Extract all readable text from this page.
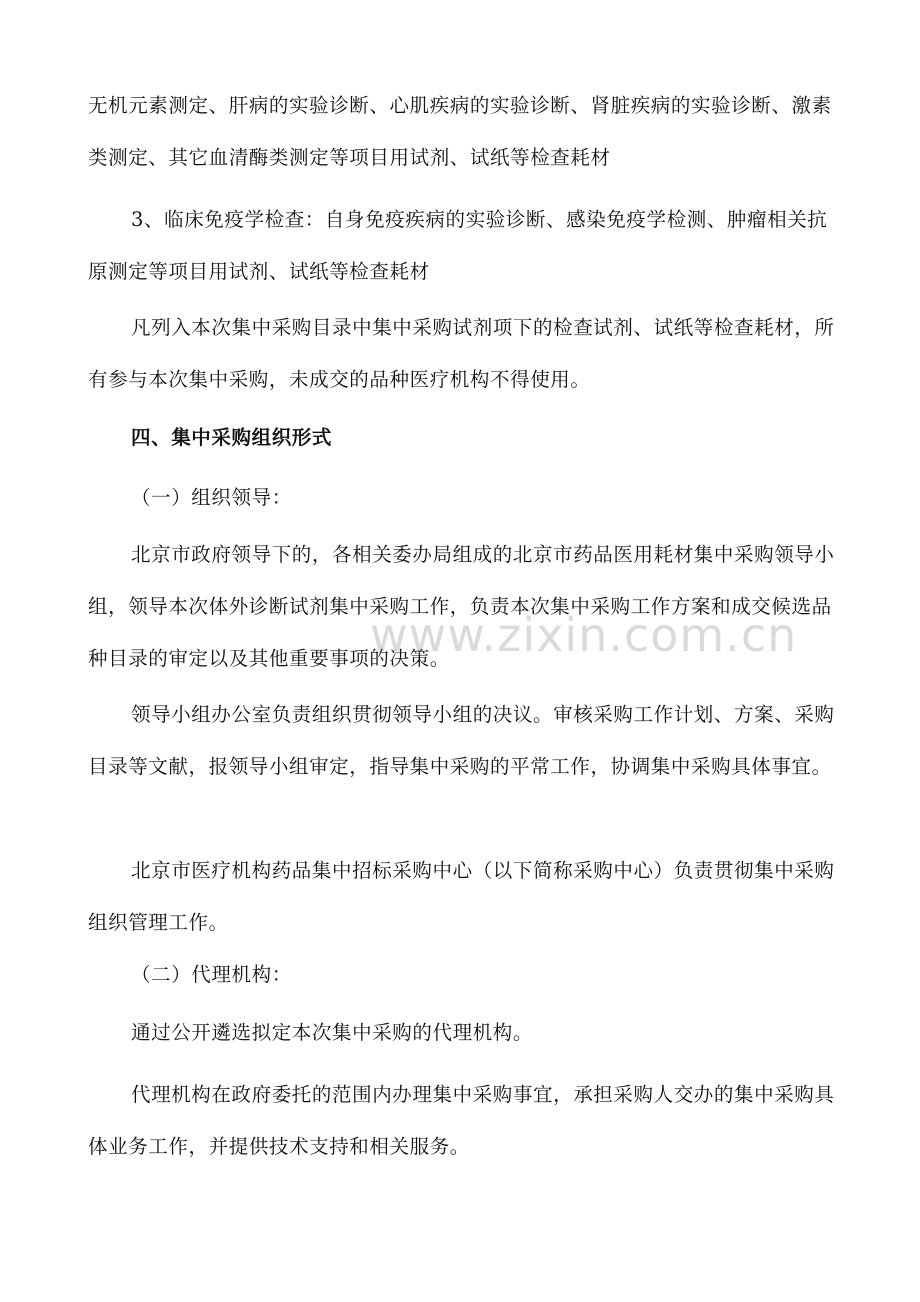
无机元素测定、肝病的实验诊断、心肌疾病的实验诊断、肾脏疾病的实验诊断、激素类测定、其它血清酶类测定等项目用试剂、试纸等检查耗材

3、临床免疫学检查：自身免疫疾病的实验诊断、感染免疫学检测、肿瘤相关抗原测定等项目用试剂、试纸等检查耗材

凡列入本次集中采购目录中集中采购试剂项下的检查试剂、试纸等检查耗材，所有参与本次集中采购，未成交的品种医疗机构不得使用。

四、集中采购组织形式

（一）组织领导：

北京市政府领导下的，各相关委办局组成的北京市药品医用耗材集中采购领导小组，领导本次体外诊断试剂集中采购工作，负责本次集中采购工作方案和成交候选品种目录的审定以及其他重要事项的决策。

领导小组办公室负责组织贯彻领导小组的决议。审核采购工作计划、方案、采购目录等文献，报领导小组审定，指导集中采购的平常工作，协调集中采购具体事宜。

北京市医疗机构药品集中招标采购中心（以下简称采购中心）负责贯彻集中采购组织管理工作。

（二）代理机构：

通过公开遴选拟定本次集中采购的代理机构。

代理机构在政府委托的范围内办理集中采购事宜，承担采购人交办的集中采购具体业务工作，并提供技术支持和相关服务。

www.zixin.com.cn
